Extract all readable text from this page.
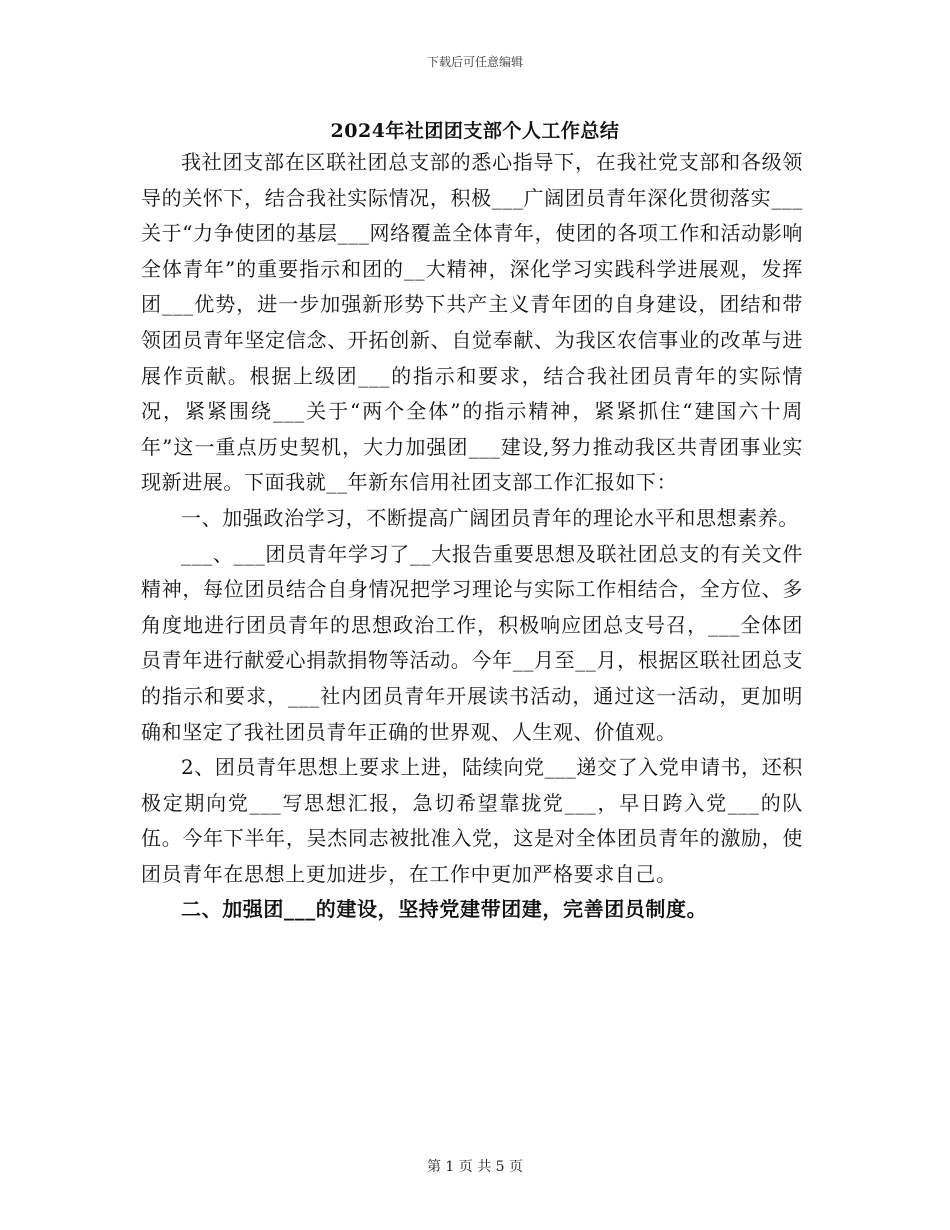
下载后可任意编辑
2024年社团团支部个人工作总结

我社团支部在区联社团总支部的悉心指导下，在我社党支部和各级领导的关怀下，结合我社实际情况，积极___广阔团员青年深化贯彻落实___关于“力争使团的基层___网络覆盖全体青年，使团的各项工作和活动影响全体青年”的重要指示和团的__大精神，深化学习实践科学进展观，发挥团___优势，进一步加强新形势下共产主义青年团的自身建设，团结和带领团员青年坚定信念、开拓创新、自觉奉献、为我区农信事业的改革与进展作贡献。根据上级团___的指示和要求，结合我社团员青年的实际情况，紧紧围绕___关于“两个全体”的指示精神，紧紧抓住“建国六十周年”这一重点历史契机，大力加强团___建设,努力推动我区共青团事业实现新进展。下面我就__年新东信用社团支部工作汇报如下：

一、加强政治学习，不断提高广阔团员青年的理论水平和思想素养。

___、___团员青年学习了__大报告重要思想及联社团总支的有关文件精神，每位团员结合自身情况把学习理论与实际工作相结合，全方位、多角度地进行团员青年的思想政治工作，积极响应团总支号召，___全体团员青年进行献爱心捐款捐物等活动。今年__月至__月，根据区联社团总支的指示和要求，___社内团员青年开展读书活动，通过这一活动，更加明确和坚定了我社团员青年正确的世界观、人生观、价值观。

2、团员青年思想上要求上进，陆续向党___递交了入党申请书，还积极定期向党___写思想汇报，急切希望靠拢党___，早日跨入党___的队伍。今年下半年，吴杰同志被批准入党，这是对全体团员青年的激励，使团员青年在思想上更加进步，在工作中更加严格要求自己。

二、加强团___的建设，坚持党建带团建，完善团员制度。

第 1 页 共 5 页
